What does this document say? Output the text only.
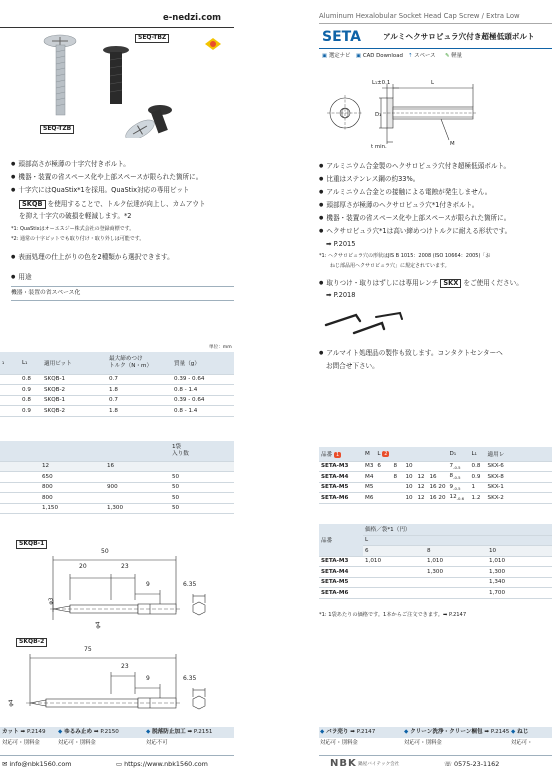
e-nedzi.com
SEQ-TBZ
SEQ-TZB
● 頭部高さが極薄の十字穴付きボルト。
● 機器・装置の省スペース化や上部スペースが限られた箇所に。
● 十字穴にはQuaStix*1を採用。QuaStix対応の専用ビット
SKQB を使用することで、トルク伝達が向上し、カムアウト
を抑え十字穴の破損を軽減します。*2
*1: QuaStixはオーエスジー株式会社の登録商標です。
*2: 通常の十字ビットでも取り付け・取り外しは可能です。
● 表面処理の仕上がりの色を2種類から選択できます。
● 用途
機器・装置の省スペース化
単位：mm
₁	L₁	適用ビット	最大締めつけ
トルク（N・m）	質量（g）
	0.8	SKQB-1	0.7	0.39 - 0.64
	0.9	SKQB-2	1.8	0.8 - 1.4
	0.8	SKQB-1	0.7	0.39 - 0.64
	0.9	SKQB-2	1.8	0.8 - 1.4

			1袋
入り数

	12	16	
	650		50
	800	900	50
	800		50
	1,150	1,300	50
SKQB-1
50
20	23
9	6.35
φ3
φ4
SKQB-2
75
23
9	6.35
φ4
カット ➡ P.2149 ◆ ゆるみ止め ➡ P.2150	◆ 脱落防止加工 ➡ P.2151
対応可・別料金	対応可・別料金	対応不可
✉ info@nbk1560.com	▭ https://www.nbk1560.com
Aluminum Hexalobular Socket Head Cap Screw / Extra Low
SETA	アルミヘクサロビュラ穴付き超極低頭ボルト
▣ 選定ナビ ▣ CAD Download ⇡ スペース ✎ 軽量
L₁±0.1	L
D₁
t min.	M
● アルミニウム合金製のヘクサロビュラ穴付き超極低頭ボルト。
● 比重はステンレス鋼の約33%。
● アルミニウム合金との接触による電蝕が発生しません。
● 頭部厚さが極薄のヘクサロビュラ穴*1付きボルト。
● 機器・装置の省スペース化や上部スペースが限られた箇所に。
● ヘクサロビュラ穴*1は高い締めつけトルクに耐える形状です。
➡ P.2015
*1: ヘクサロビュラ穴の形状はJIS B 1015：2008 (ISO 10664：2005)「お
ねじ部品用ヘクサロビュラ穴」に規定されています。
● 取りつけ・取りはずしには専用レンチ SKX をご使用ください。
➡ P.2018
● アルマイト処理品の製作も致します。コンタクトセンターへ
お問合せ下さい。
品番 1	M	L 2					D₁	L₁	適用レ
SETA-M3	M3	6	8	10			$7_{-0.5}$	0.8	SKX-6
SETA-M4	M4		8	10	12	16	$8_{-0.5}$	0.9	SKX-8
SETA-M5	M5			10	12	16 20	$9_{-0.5}$	1	SKX-1
SETA-M6	M6			10	12	16 20	$12_{-0.6}$	1.2	SKX-2
品番	価格／袋*1（円）		
	L		
	6	8	10
SETA-M3	1,010	1,010	1,010
SETA-M4		1,300	1,300
SETA-M5			1,340
SETA-M6			1,700
*1: 1袋あたりの価格です。1本からご注文できます。➡ P.2147
◆ バラ売り ➡ P.2147	◆ クリーン洗浄・クリーン梱包 ➡ P.2145 ◆ ねじ
対応可・別料金	対応可・別料金	対応可・
NBK 鍋屋バイテック会社	☏ 0575-23-1162
